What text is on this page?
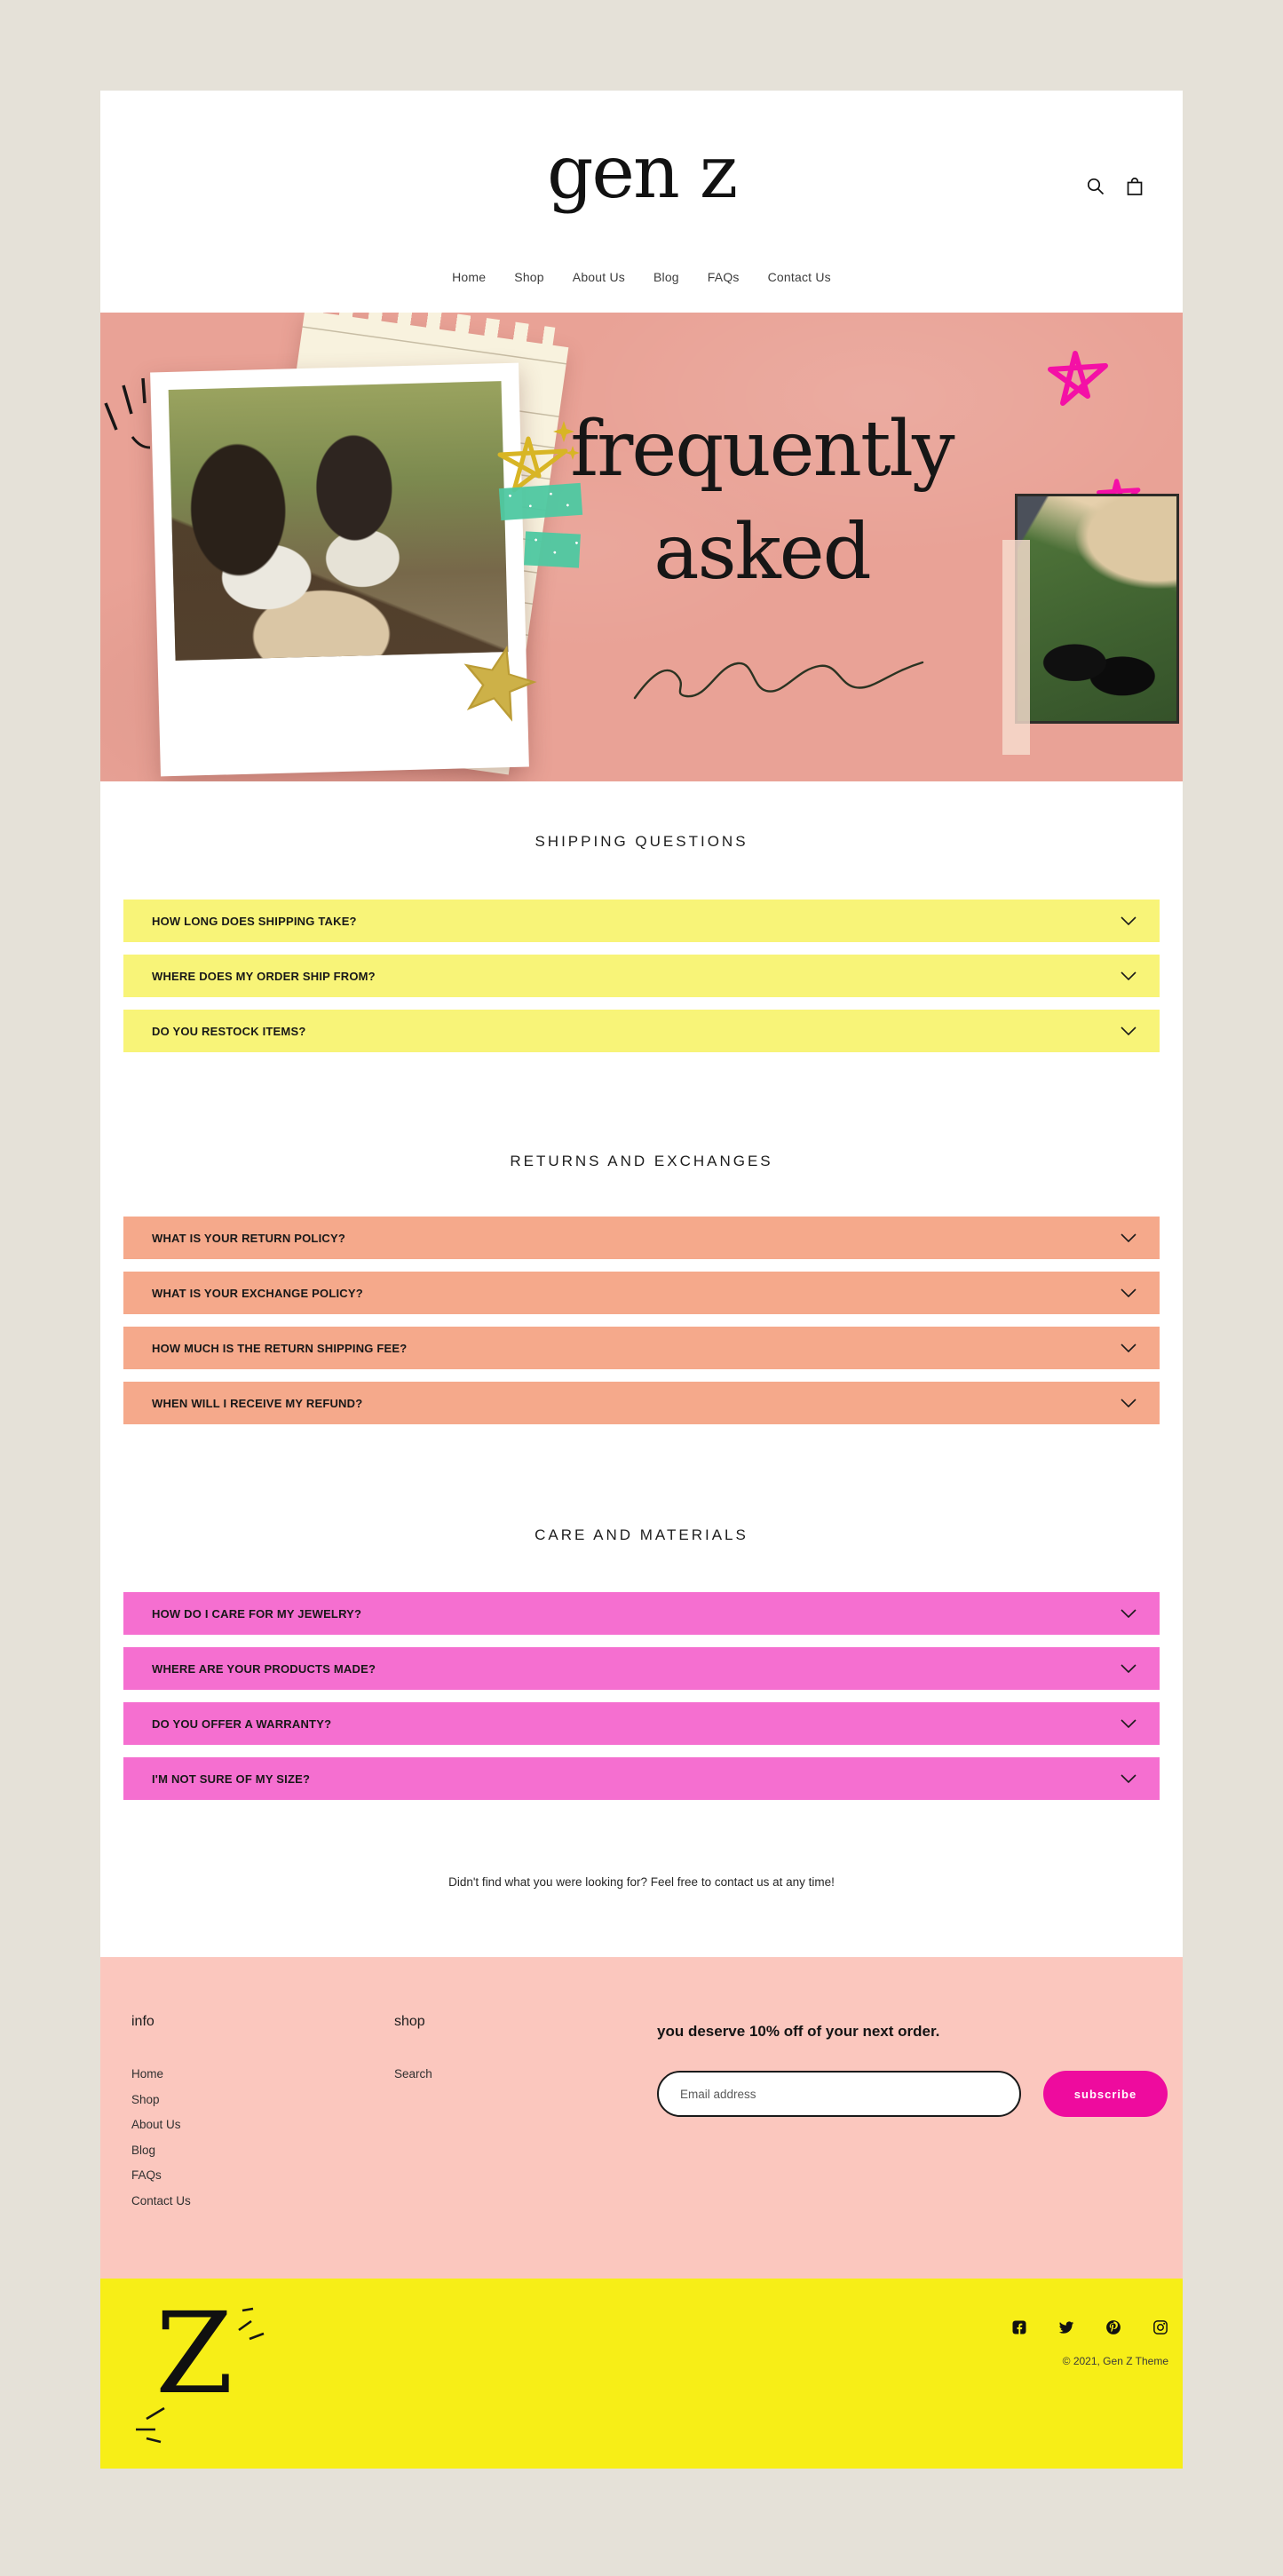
gen z
Home Shop About Us Blog FAQs Contact Us
frequently
asked
SHIPPING QUESTIONS
HOW LONG DOES SHIPPING TAKE?
WHERE DOES MY ORDER SHIP FROM?
DO YOU RESTOCK ITEMS?
RETURNS AND EXCHANGES
WHAT IS YOUR RETURN POLICY?
WHAT IS YOUR EXCHANGE POLICY?
HOW MUCH IS THE RETURN SHIPPING FEE?
WHEN WILL I RECEIVE MY REFUND?
CARE AND MATERIALS
HOW DO I CARE FOR MY JEWELRY?
WHERE ARE YOUR PRODUCTS MADE?
DO YOU OFFER A WARRANTY?
I'M NOT SURE OF MY SIZE?
Didn't find what you were looking for? Feel free to contact us at any time!
info
Home
Shop
About Us
Blog
FAQs
Contact Us
shop
Search
you deserve 10% off of your next order.
Email address
subscribe
Z	© 2021, Gen Z Theme
